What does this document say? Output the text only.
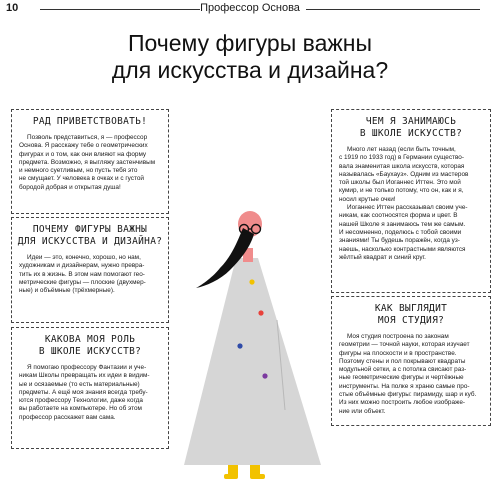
10	Профессор Основа
Почему фигуры важны
для искусства и дизайна?
РАД ПРИВЕТСТВОВАТЬ!
Позволь представиться, я — профессор
Основа. Я расскажу тебе о геометрических
фигурах и о том, как они влияют на форму
предмета. Возможно, я выгляжу застенчивым
и немного суетливым, но пусть тебя это
не смущает. У человека в очках и с густой
бородой добрая и открытая душа!
ПОЧЕМУ ФИГУРЫ ВАЖНЫ
ДЛЯ ИСКУССТВА И ДИЗАЙНА?
Идеи — это, конечно, хорошо, но нам,
художникам и дизайнерам, нужно превра-
тить их в жизнь. В этом нам помогают гео-
метрические фигуры — плоские (двухмер-
ные) и объёмные (трёхмерные).
КАКОВА МОЯ РОЛЬ
В ШКОЛЕ ИСКУССТВ?
Я помогаю профессору Фантазии и уче-
никам Школы превращать их идеи в видим-
ые и осязаемые (то есть материальные)
предметы. А ещё моя знания всегда требу-
ются профессору Технологии, даже когда
вы работаете на компьютере. Но об этом
профессор расскажет вам сама.
ЧЕМ Я ЗАНИМАЮСЬ
В ШКОЛЕ ИСКУССТВ?
Много лет назад (если быть точным,
с 1919 по 1933 год) в Германии существо-
вала знаменитая школа искусств, которая
называлась «Баухауз». Одним из мастеров
той школы был Иоганнес Иттен. Это мой
кумир, и не только потому, что он, как и я,
носил крутые очки!
Иоганнес Иттен рассказывал своим уче-
никам, как соотносятся форма и цвет. В
нашей Школе я занимаюсь тем же самым.
И несомненно, поделюсь с тобой своими
знаниями! Ты будешь поражён, когда уз-
наешь, насколько контрастными являются
жёлтый квадрат и синий круг.
КАК ВЫГЛЯДИТ
МОЯ СТУДИЯ?
Моя студия построена по законам
геометрии — точной науки, которая изучает
фигуры на плоскости и в пространстве.
Поэтому стены и пол покрывают квадраты
модульной сетки, а с потолка свисают раз-
ные геометрические фигуры и чертёжные
инструменты. На полке я храню самые про-
стые объёмные фигуры: пирамиду, шар и куб.
Из них можно построить любое изображе-
ние или объект.
